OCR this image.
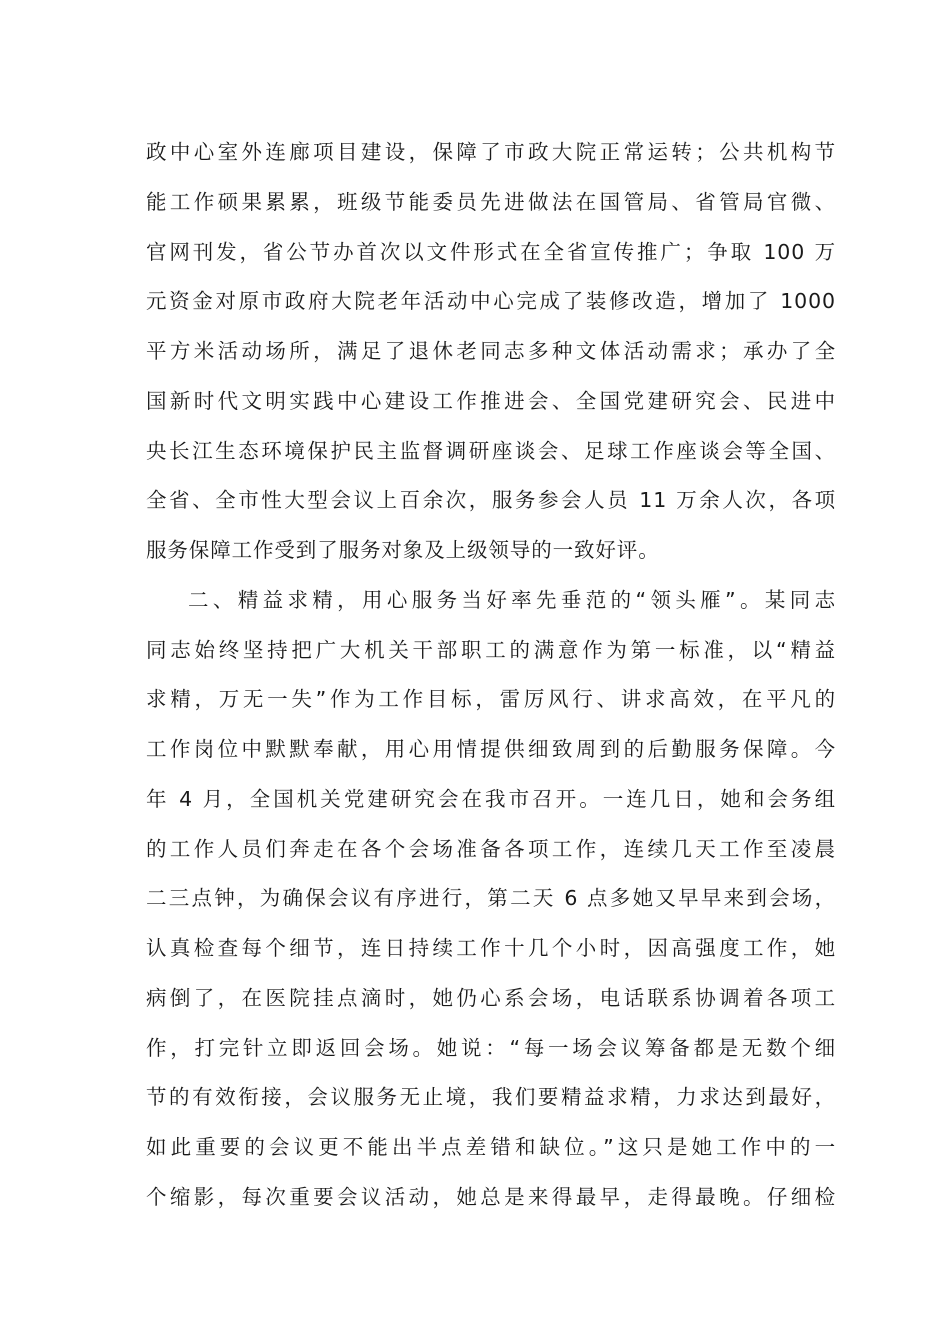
政中心室外连廊项目建设，保障了市政大院正常运转；公共机构节
能工作硕果累累，班级节能委员先进做法在国管局、省管局官微、
官网刊发，省公节办首次以文件形式在全省宣传推广；争取 100 万
元资金对原市政府大院老年活动中心完成了装修改造，增加了 1000
平方米活动场所，满足了退休老同志多种文体活动需求；承办了全
国新时代文明实践中心建设工作推进会、全国党建研究会、民进中
央长江生态环境保护民主监督调研座谈会、足球工作座谈会等全国、
全省、全市性大型会议上百余次，服务参会人员 11 万余人次，各项
服务保障工作受到了服务对象及上级领导的一致好评。
二、精益求精，用心服务当好率先垂范的“领头雁”。某同志
同志始终坚持把广大机关干部职工的满意作为第一标准，以“精益
求精，万无一失”作为工作目标，雷厉风行、讲求高效，在平凡的
工作岗位中默默奉献，用心用情提供细致周到的后勤服务保障。今
年 4 月，全国机关党建研究会在我市召开。一连几日，她和会务组
的工作人员们奔走在各个会场准备各项工作，连续几天工作至凌晨
二三点钟，为确保会议有序进行，第二天 6 点多她又早早来到会场，
认真检查每个细节，连日持续工作十几个小时，因高强度工作，她
病倒了，在医院挂点滴时，她仍心系会场，电话联系协调着各项工
作，打完针立即返回会场。她说：“每一场会议筹备都是无数个细
节的有效衔接，会议服务无止境，我们要精益求精，力求达到最好，
如此重要的会议更不能出半点差错和缺位。”这只是她工作中的一
个缩影，每次重要会议活动，她总是来得最早，走得最晚。仔细检
